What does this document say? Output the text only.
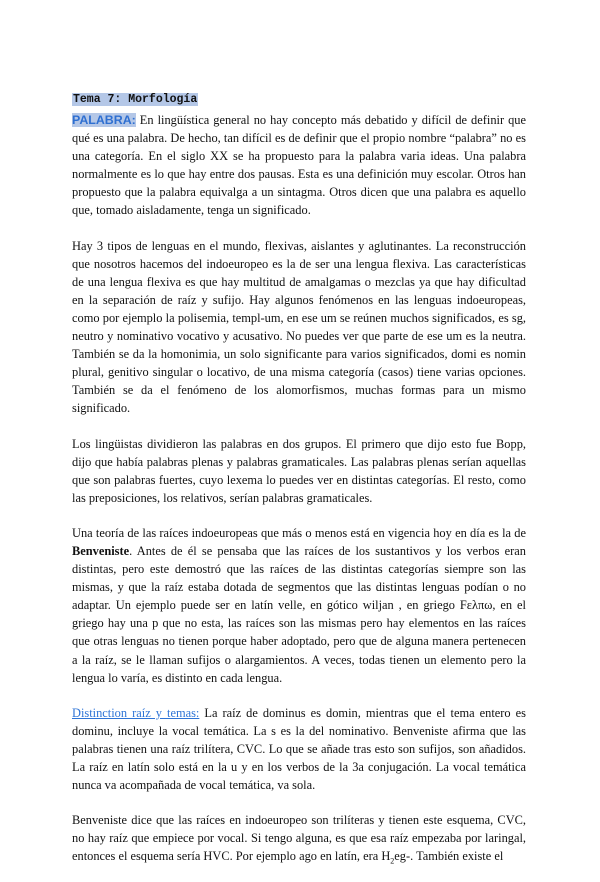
Tema 7: Morfología

PALABRA: En lingüística general no hay concepto más debatido y difícil de definir que qué es una palabra. De hecho, tan difícil es de definir que el propio nombre “palabra” no es una categoría. En el siglo XX se ha propuesto para la palabra varia ideas. Una palabra normalmente es lo que hay entre dos pausas. Esta es una definición muy escolar. Otros han propuesto que la palabra equivalga a un sintagma. Otros dicen que una palabra es aquello que, tomado aisladamente, tenga un significado.

Hay 3 tipos de lenguas en el mundo, flexivas, aislantes y aglutinantes. La reconstrucción que nosotros hacemos del indoeuropeo es la de ser una lengua flexiva. Las características de una lengua flexiva es que hay multitud de amalgamas o mezclas ya que hay dificultad en la separación de raíz y sufijo. Hay algunos fenómenos en las lenguas indoeuropeas, como por ejemplo la polisemia, templ-um, en ese um se reúnen muchos significados, es sg, neutro y nominativo vocativo y acusativo. No puedes ver que parte de ese um es la neutra. También se da la homonimia, un solo significante para varios significados, domi es nomin plural, genitivo singular o locativo, de una misma categoría (casos) tiene varias opciones. También se da el fenómeno de los alomorfismos, muchas formas para un mismo significado.

Los lingüistas dividieron las palabras en dos grupos. El primero que dijo esto fue Bopp, dijo que había palabras plenas y palabras gramaticales. Las palabras plenas serían aquellas que son palabras fuertes, cuyo lexema lo puedes ver en distintas categorías. El resto, como las preposiciones, los relativos, serían palabras gramaticales.

Una teoría de las raíces indoeuropeas que más o menos está en vigencia hoy en día es la de Benveniste. Antes de él se pensaba que las raíces de los sustantivos y los verbos eran distintas, pero este demostró que las raíces de las distintas categorías siempre son las mismas, y que la raíz estaba dotada de segmentos que las distintas lenguas podían o no adaptar. Un ejemplo puede ser en latín velle, en gótico wiljan , en griego Fελπω, en el griego hay una p que no esta, las raíces son las mismas pero hay elementos en las raíces que otras lenguas no tienen porque haber adoptado, pero que de alguna manera pertenecen a la raíz, se le llaman sufijos o alargamientos. A veces, todas tienen un elemento pero la lengua lo varía, es distinto en cada lengua.

Distinction raíz y temas: La raíz de dominus es domin, mientras que el tema entero es dominu, incluye la vocal temática. La s es la del nominativo. Benveniste afirma que las palabras tienen una raíz trilítera, CVC. Lo que se añade tras esto son sufijos, son añadidos. La raíz en latín solo está en la u y en los verbos de la 3a conjugación. La vocal temática nunca va acompañada de vocal temática, va sola.

Benveniste dice que las raíces en indoeuropeo son trilíteras y tienen este esquema, CVC, no hay raíz que empiece por vocal. Si tengo alguna, es que esa raíz empezaba por laringal, entonces el esquema sería HVC. Por ejemplo ago en latín, era $H_2eg-$. También existe el
